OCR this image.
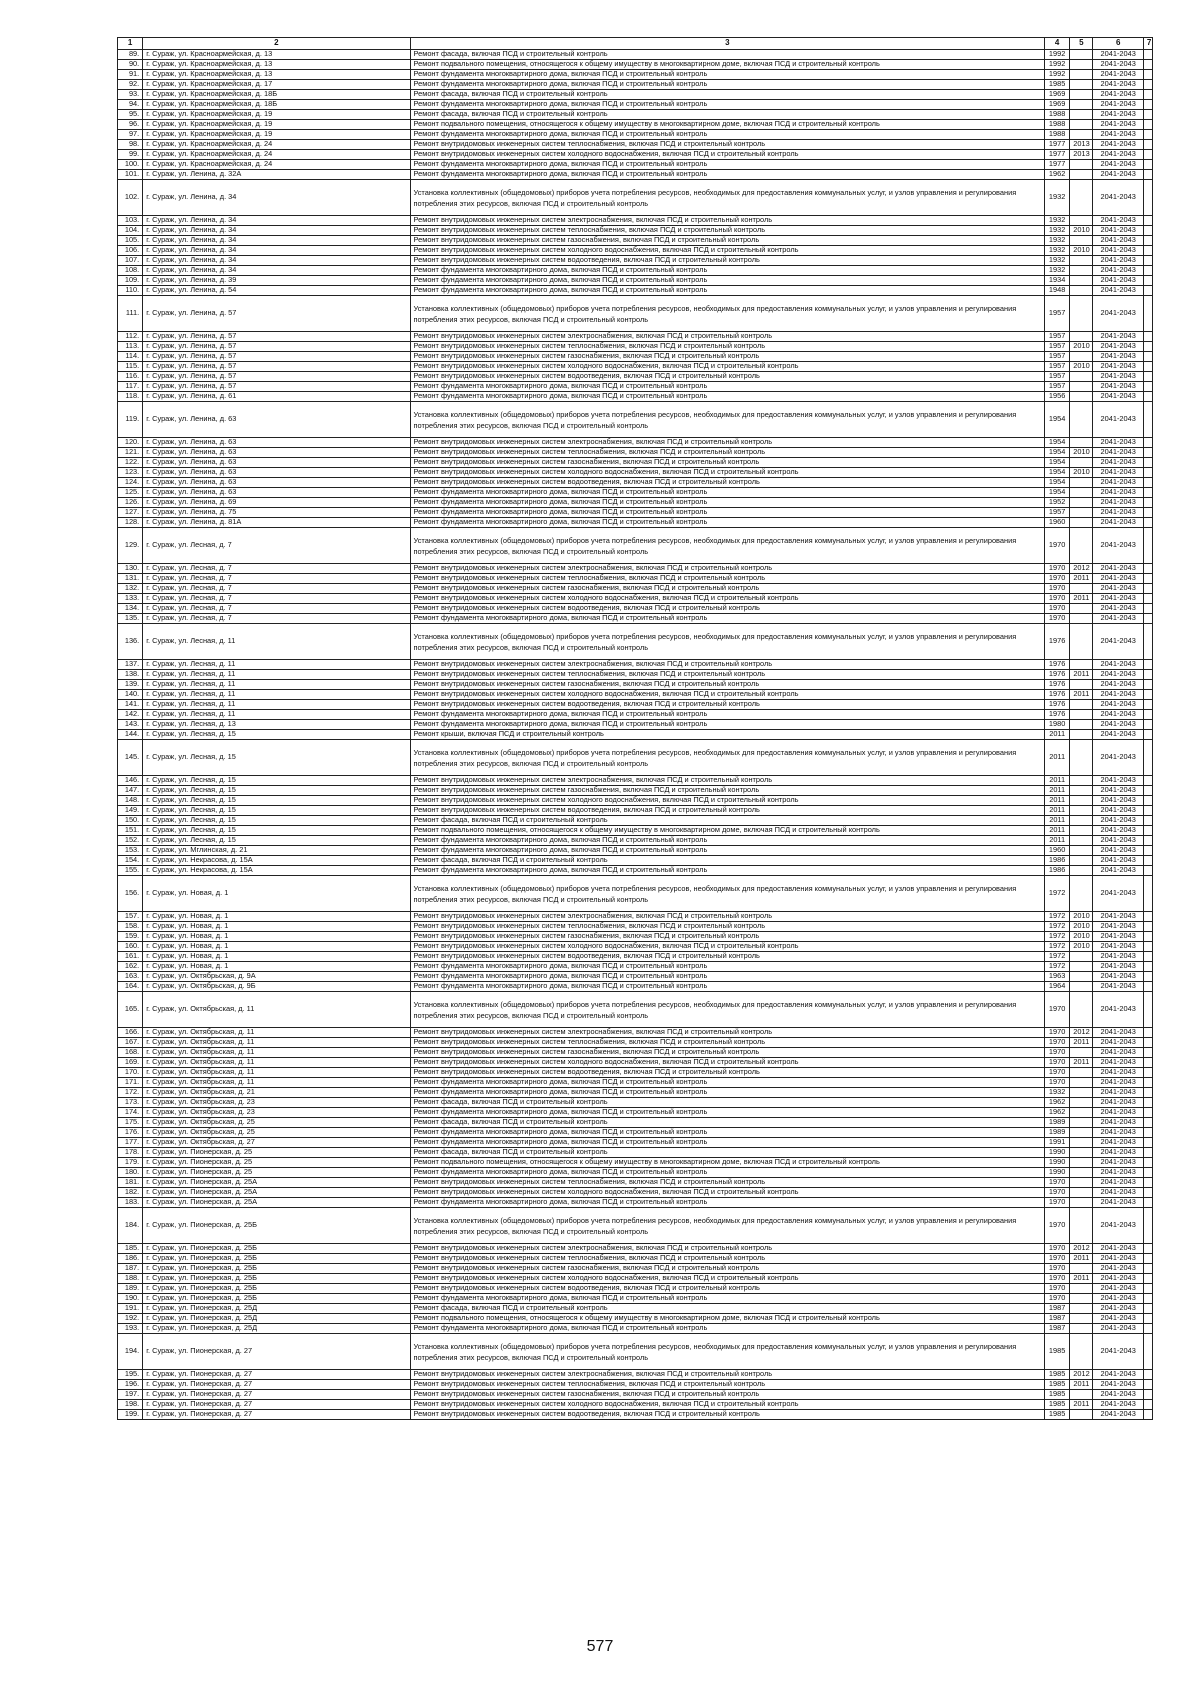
1	2	3	4	5	6	7
89.	г. Сураж, ул. Красноармейская, д. 13	Ремонт фасада, включая ПСД и строительный контроль	1992		2041-2043	
90.	г. Сураж, ул. Красноармейская, д. 13	Ремонт подвального помещения, относящегося к общему имуществу в многоквартирном доме, включая ПСД и строительный контроль	1992		2041-2043	
91.	г. Сураж, ул. Красноармейская, д. 13	Ремонт фундамента многоквартирного дома, включая ПСД и строительный контроль	1992		2041-2043	
92.	г. Сураж, ул. Красноармейская, д. 17	Ремонт фундамента многоквартирного дома, включая ПСД и строительный контроль	1985		2041-2043	
93.	г. Сураж, ул. Красноармейская, д. 18Б	Ремонт фасада, включая ПСД и строительный контроль	1969		2041-2043	
94.	г. Сураж, ул. Красноармейская, д. 18Б	Ремонт фундамента многоквартирного дома, включая ПСД и строительный контроль	1969		2041-2043	
95.	г. Сураж, ул. Красноармейская, д. 19	Ремонт фасада, включая ПСД и строительный контроль	1988		2041-2043	
96.	г. Сураж, ул. Красноармейская, д. 19	Ремонт подвального помещения, относящегося к общему имуществу в многоквартирном доме, включая ПСД и строительный контроль	1988		2041-2043	
97.	г. Сураж, ул. Красноармейская, д. 19	Ремонт фундамента многоквартирного дома, включая ПСД и строительный контроль	1988		2041-2043	
98.	г. Сураж, ул. Красноармейская, д. 24	Ремонт внутридомовых инженерных систем теплоснабжения, включая ПСД и строительный контроль	1977	2013	2041-2043	
99.	г. Сураж, ул. Красноармейская, д. 24	Ремонт внутридомовых инженерных систем холодного водоснабжения, включая ПСД и строительный контроль	1977	2013	2041-2043	
100.	г. Сураж, ул. Красноармейская, д. 24	Ремонт фундамента многоквартирного дома, включая ПСД и строительный контроль	1977		2041-2043	
101.	г. Сураж, ул. Ленина, д. 32А	Ремонт фундамента многоквартирного дома, включая ПСД и строительный контроль	1962		2041-2043	
102.	г. Сураж, ул. Ленина, д. 34	Установка коллективных (общедомовых) приборов учета потребления ресурсов, необходимых для предоставления коммунальных услуг, и узлов управления и регулирования потребления этих ресурсов, включая ПСД и строительный контроль	1932		2041-2043	
103.	г. Сураж, ул. Ленина, д. 34	Ремонт внутридомовых инженерных систем электроснабжения, включая ПСД и строительный контроль	1932		2041-2043	
104.	г. Сураж, ул. Ленина, д. 34	Ремонт внутридомовых инженерных систем теплоснабжения, включая ПСД и строительный контроль	1932	2010	2041-2043	
105.	г. Сураж, ул. Ленина, д. 34	Ремонт внутридомовых инженерных систем газоснабжения, включая ПСД и строительный контроль	1932		2041-2043	
106.	г. Сураж, ул. Ленина, д. 34	Ремонт внутридомовых инженерных систем холодного водоснабжения, включая ПСД и строительный контроль	1932	2010	2041-2043	
107.	г. Сураж, ул. Ленина, д. 34	Ремонт внутридомовых инженерных систем водоотведения, включая ПСД и строительный контроль	1932		2041-2043	
108.	г. Сураж, ул. Ленина, д. 34	Ремонт фундамента многоквартирного дома, включая ПСД и строительный контроль	1932		2041-2043	
109.	г. Сураж, ул. Ленина, д. 39	Ремонт фундамента многоквартирного дома, включая ПСД и строительный контроль	1934		2041-2043	
110.	г. Сураж, ул. Ленина, д. 54	Ремонт фундамента многоквартирного дома, включая ПСД и строительный контроль	1948		2041-2043	
111.	г. Сураж, ул. Ленина, д. 57	Установка коллективных (общедомовых) приборов учета потребления ресурсов, необходимых для предоставления коммунальных услуг, и узлов управления и регулирования потребления этих ресурсов, включая ПСД и строительный контроль	1957		2041-2043	
112.	г. Сураж, ул. Ленина, д. 57	Ремонт внутридомовых инженерных систем электроснабжения, включая ПСД и строительный контроль	1957		2041-2043	
113.	г. Сураж, ул. Ленина, д. 57	Ремонт внутридомовых инженерных систем теплоснабжения, включая ПСД и строительный контроль	1957	2010	2041-2043	
114.	г. Сураж, ул. Ленина, д. 57	Ремонт внутридомовых инженерных систем газоснабжения, включая ПСД и строительный контроль	1957		2041-2043	
115.	г. Сураж, ул. Ленина, д. 57	Ремонт внутридомовых инженерных систем холодного водоснабжения, включая ПСД и строительный контроль	1957	2010	2041-2043	
116.	г. Сураж, ул. Ленина, д. 57	Ремонт внутридомовых инженерных систем водоотведения, включая ПСД и строительный контроль	1957		2041-2043	
117.	г. Сураж, ул. Ленина, д. 57	Ремонт фундамента многоквартирного дома, включая ПСД и строительный контроль	1957		2041-2043	
118.	г. Сураж, ул. Ленина, д. 61	Ремонт фундамента многоквартирного дома, включая ПСД и строительный контроль	1956		2041-2043	
119.	г. Сураж, ул. Ленина, д. 63	Установка коллективных (общедомовых) приборов учета потребления ресурсов, необходимых для предоставления коммунальных услуг, и узлов управления и регулирования потребления этих ресурсов, включая ПСД и строительный контроль	1954		2041-2043	
120.	г. Сураж, ул. Ленина, д. 63	Ремонт внутридомовых инженерных систем электроснабжения, включая ПСД и строительный контроль	1954		2041-2043	
121.	г. Сураж, ул. Ленина, д. 63	Ремонт внутридомовых инженерных систем теплоснабжения, включая ПСД и строительный контроль	1954	2010	2041-2043	
122.	г. Сураж, ул. Ленина, д. 63	Ремонт внутридомовых инженерных систем газоснабжения, включая ПСД и строительный контроль	1954		2041-2043	
123.	г. Сураж, ул. Ленина, д. 63	Ремонт внутридомовых инженерных систем холодного водоснабжения, включая ПСД и строительный контроль	1954	2010	2041-2043	
124.	г. Сураж, ул. Ленина, д. 63	Ремонт внутридомовых инженерных систем водоотведения, включая ПСД и строительный контроль	1954		2041-2043	
125.	г. Сураж, ул. Ленина, д. 63	Ремонт фундамента многоквартирного дома, включая ПСД и строительный контроль	1954		2041-2043	
126.	г. Сураж, ул. Ленина, д. 69	Ремонт фундамента многоквартирного дома, включая ПСД и строительный контроль	1952		2041-2043	
127.	г. Сураж, ул. Ленина, д. 75	Ремонт фундамента многоквартирного дома, включая ПСД и строительный контроль	1957		2041-2043	
128.	г. Сураж, ул. Ленина, д. 81А	Ремонт фундамента многоквартирного дома, включая ПСД и строительный контроль	1960		2041-2043	
129.	г. Сураж, ул. Лесная, д. 7	Установка коллективных (общедомовых) приборов учета потребления ресурсов, необходимых для предоставления коммунальных услуг, и узлов управления и регулирования потребления этих ресурсов, включая ПСД и строительный контроль	1970		2041-2043	
130.	г. Сураж, ул. Лесная, д. 7	Ремонт внутридомовых инженерных систем электроснабжения, включая ПСД и строительный контроль	1970	2012	2041-2043	
131.	г. Сураж, ул. Лесная, д. 7	Ремонт внутридомовых инженерных систем теплоснабжения, включая ПСД и строительный контроль	1970	2011	2041-2043	
132.	г. Сураж, ул. Лесная, д. 7	Ремонт внутридомовых инженерных систем газоснабжения, включая ПСД и строительный контроль	1970		2041-2043	
133.	г. Сураж, ул. Лесная, д. 7	Ремонт внутридомовых инженерных систем холодного водоснабжения, включая ПСД и строительный контроль	1970	2011	2041-2043	
134.	г. Сураж, ул. Лесная, д. 7	Ремонт внутридомовых инженерных систем водоотведения, включая ПСД и строительный контроль	1970		2041-2043	
135.	г. Сураж, ул. Лесная, д. 7	Ремонт фундамента многоквартирного дома, включая ПСД и строительный контроль	1970		2041-2043	
136.	г. Сураж, ул. Лесная, д. 11	Установка коллективных (общедомовых) приборов учета потребления ресурсов, необходимых для предоставления коммунальных услуг, и узлов управления и регулирования потребления этих ресурсов, включая ПСД и строительный контроль	1976		2041-2043	
137.	г. Сураж, ул. Лесная, д. 11	Ремонт внутридомовых инженерных систем электроснабжения, включая ПСД и строительный контроль	1976		2041-2043	
138.	г. Сураж, ул. Лесная, д. 11	Ремонт внутридомовых инженерных систем теплоснабжения, включая ПСД и строительный контроль	1976	2011	2041-2043	
139.	г. Сураж, ул. Лесная, д. 11	Ремонт внутридомовых инженерных систем газоснабжения, включая ПСД и строительный контроль	1976		2041-2043	
140.	г. Сураж, ул. Лесная, д. 11	Ремонт внутридомовых инженерных систем холодного водоснабжения, включая ПСД и строительный контроль	1976	2011	2041-2043	
141.	г. Сураж, ул. Лесная, д. 11	Ремонт внутридомовых инженерных систем водоотведения, включая ПСД и строительный контроль	1976		2041-2043	
142.	г. Сураж, ул. Лесная, д. 11	Ремонт фундамента многоквартирного дома, включая ПСД и строительный контроль	1976		2041-2043	
143.	г. Сураж, ул. Лесная, д. 13	Ремонт фундамента многоквартирного дома, включая ПСД и строительный контроль	1980		2041-2043	
144.	г. Сураж, ул. Лесная, д. 15	Ремонт крыши, включая ПСД и строительный контроль	2011		2041-2043	
145.	г. Сураж, ул. Лесная, д. 15	Установка коллективных (общедомовых) приборов учета потребления ресурсов, необходимых для предоставления коммунальных услуг, и узлов управления и регулирования потребления этих ресурсов, включая ПСД и строительный контроль	2011		2041-2043	
146.	г. Сураж, ул. Лесная, д. 15	Ремонт внутридомовых инженерных систем электроснабжения, включая ПСД и строительный контроль	2011		2041-2043	
147.	г. Сураж, ул. Лесная, д. 15	Ремонт внутридомовых инженерных систем газоснабжения, включая ПСД и строительный контроль	2011		2041-2043	
148.	г. Сураж, ул. Лесная, д. 15	Ремонт внутридомовых инженерных систем холодного водоснабжения, включая ПСД и строительный контроль	2011		2041-2043	
149.	г. Сураж, ул. Лесная, д. 15	Ремонт внутридомовых инженерных систем водоотведения, включая ПСД и строительный контроль	2011		2041-2043	
150.	г. Сураж, ул. Лесная, д. 15	Ремонт фасада, включая ПСД и строительный контроль	2011		2041-2043	
151.	г. Сураж, ул. Лесная, д. 15	Ремонт подвального помещения, относящегося к общему имуществу в многоквартирном доме, включая ПСД и строительный контроль	2011		2041-2043	
152.	г. Сураж, ул. Лесная, д. 15	Ремонт фундамента многоквартирного дома, включая ПСД и строительный контроль	2011		2041-2043	
153.	г. Сураж, ул. Мглинская, д. 21	Ремонт фундамента многоквартирного дома, включая ПСД и строительный контроль	1960		2041-2043	
154.	г. Сураж, ул. Некрасова, д. 15А	Ремонт фасада, включая ПСД и строительный контроль	1986		2041-2043	
155.	г. Сураж, ул. Некрасова, д. 15А	Ремонт фундамента многоквартирного дома, включая ПСД и строительный контроль	1986		2041-2043	
156.	г. Сураж, ул. Новая, д. 1	Установка коллективных (общедомовых) приборов учета потребления ресурсов, необходимых для предоставления коммунальных услуг, и узлов управления и регулирования потребления этих ресурсов, включая ПСД и строительный контроль	1972		2041-2043	
157.	г. Сураж, ул. Новая, д. 1	Ремонт внутридомовых инженерных систем электроснабжения, включая ПСД и строительный контроль	1972	2010	2041-2043	
158.	г. Сураж, ул. Новая, д. 1	Ремонт внутридомовых инженерных систем теплоснабжения, включая ПСД и строительный контроль	1972	2010	2041-2043	
159.	г. Сураж, ул. Новая, д. 1	Ремонт внутридомовых инженерных систем газоснабжения, включая ПСД и строительный контроль	1972	2010	2041-2043	
160.	г. Сураж, ул. Новая, д. 1	Ремонт внутридомовых инженерных систем холодного водоснабжения, включая ПСД и строительный контроль	1972	2010	2041-2043	
161.	г. Сураж, ул. Новая, д. 1	Ремонт внутридомовых инженерных систем водоотведения, включая ПСД и строительный контроль	1972		2041-2043	
162.	г. Сураж, ул. Новая, д. 1	Ремонт фундамента многоквартирного дома, включая ПСД и строительный контроль	1972		2041-2043	
163.	г. Сураж, ул. Октябрьская, д. 9А	Ремонт фундамента многоквартирного дома, включая ПСД и строительный контроль	1963		2041-2043	
164.	г. Сураж, ул. Октябрьская, д. 9Б	Ремонт фундамента многоквартирного дома, включая ПСД и строительный контроль	1964		2041-2043	
165.	г. Сураж, ул. Октябрьская, д. 11	Установка коллективных (общедомовых) приборов учета потребления ресурсов, необходимых для предоставления коммунальных услуг, и узлов управления и регулирования потребления этих ресурсов, включая ПСД и строительный контроль	1970		2041-2043	
166.	г. Сураж, ул. Октябрьская, д. 11	Ремонт внутридомовых инженерных систем электроснабжения, включая ПСД и строительный контроль	1970	2012	2041-2043	
167.	г. Сураж, ул. Октябрьская, д. 11	Ремонт внутридомовых инженерных систем теплоснабжения, включая ПСД и строительный контроль	1970	2011	2041-2043	
168.	г. Сураж, ул. Октябрьская, д. 11	Ремонт внутридомовых инженерных систем газоснабжения, включая ПСД и строительный контроль	1970		2041-2043	
169.	г. Сураж, ул. Октябрьская, д. 11	Ремонт внутридомовых инженерных систем холодного водоснабжения, включая ПСД и строительный контроль	1970	2011	2041-2043	
170.	г. Сураж, ул. Октябрьская, д. 11	Ремонт внутридомовых инженерных систем водоотведения, включая ПСД и строительный контроль	1970		2041-2043	
171.	г. Сураж, ул. Октябрьская, д. 11	Ремонт фундамента многоквартирного дома, включая ПСД и строительный контроль	1970		2041-2043	
172.	г. Сураж, ул. Октябрьская, д. 21	Ремонт фундамента многоквартирного дома, включая ПСД и строительный контроль	1932		2041-2043	
173.	г. Сураж, ул. Октябрьская, д. 23	Ремонт фасада, включая ПСД и строительный контроль	1962		2041-2043	
174.	г. Сураж, ул. Октябрьская, д. 23	Ремонт фундамента многоквартирного дома, включая ПСД и строительный контроль	1962		2041-2043	
175.	г. Сураж, ул. Октябрьская, д. 25	Ремонт фасада, включая ПСД и строительный контроль	1989		2041-2043	
176.	г. Сураж, ул. Октябрьская, д. 25	Ремонт фундамента многоквартирного дома, включая ПСД и строительный контроль	1989		2041-2043	
177.	г. Сураж, ул. Октябрьская, д. 27	Ремонт фундамента многоквартирного дома, включая ПСД и строительный контроль	1991		2041-2043	
178.	г. Сураж, ул. Пионерская, д. 25	Ремонт фасада, включая ПСД и строительный контроль	1990		2041-2043	
179.	г. Сураж, ул. Пионерская, д. 25	Ремонт подвального помещения, относящегося к общему имуществу в многоквартирном доме, включая ПСД и строительный контроль	1990		2041-2043	
180.	г. Сураж, ул. Пионерская, д. 25	Ремонт фундамента многоквартирного дома, включая ПСД и строительный контроль	1990		2041-2043	
181.	г. Сураж, ул. Пионерская, д. 25А	Ремонт внутридомовых инженерных систем теплоснабжения, включая ПСД и строительный контроль	1970		2041-2043	
182.	г. Сураж, ул. Пионерская, д. 25А	Ремонт внутридомовых инженерных систем холодного водоснабжения, включая ПСД и строительный контроль	1970		2041-2043	
183.	г. Сураж, ул. Пионерская, д. 25А	Ремонт фундамента многоквартирного дома, включая ПСД и строительный контроль	1970		2041-2043	
184.	г. Сураж, ул. Пионерская, д. 25Б	Установка коллективных (общедомовых) приборов учета потребления ресурсов, необходимых для предоставления коммунальных услуг, и узлов управления и регулирования потребления этих ресурсов, включая ПСД и строительный контроль	1970		2041-2043	
185.	г. Сураж, ул. Пионерская, д. 25Б	Ремонт внутридомовых инженерных систем электроснабжения, включая ПСД и строительный контроль	1970	2012	2041-2043	
186.	г. Сураж, ул. Пионерская, д. 25Б	Ремонт внутридомовых инженерных систем теплоснабжения, включая ПСД и строительный контроль	1970	2011	2041-2043	
187.	г. Сураж, ул. Пионерская, д. 25Б	Ремонт внутридомовых инженерных систем газоснабжения, включая ПСД и строительный контроль	1970		2041-2043	
188.	г. Сураж, ул. Пионерская, д. 25Б	Ремонт внутридомовых инженерных систем холодного водоснабжения, включая ПСД и строительный контроль	1970	2011	2041-2043	
189.	г. Сураж, ул. Пионерская, д. 25Б	Ремонт внутридомовых инженерных систем водоотведения, включая ПСД и строительный контроль	1970		2041-2043	
190.	г. Сураж, ул. Пионерская, д. 25Б	Ремонт фундамента многоквартирного дома, включая ПСД и строительный контроль	1970		2041-2043	
191.	г. Сураж, ул. Пионерская, д. 25Д	Ремонт фасада, включая ПСД и строительный контроль	1987		2041-2043	
192.	г. Сураж, ул. Пионерская, д. 25Д	Ремонт подвального помещения, относящегося к общему имуществу в многоквартирном доме, включая ПСД и строительный контроль	1987		2041-2043	
193.	г. Сураж, ул. Пионерская, д. 25Д	Ремонт фундамента многоквартирного дома, включая ПСД и строительный контроль	1987		2041-2043	
194.	г. Сураж, ул. Пионерская, д. 27	Установка коллективных (общедомовых) приборов учета потребления ресурсов, необходимых для предоставления коммунальных услуг, и узлов управления и регулирования потребления этих ресурсов, включая ПСД и строительный контроль	1985		2041-2043	
195.	г. Сураж, ул. Пионерская, д. 27	Ремонт внутридомовых инженерных систем электроснабжения, включая ПСД и строительный контроль	1985	2012	2041-2043	
196.	г. Сураж, ул. Пионерская, д. 27	Ремонт внутридомовых инженерных систем теплоснабжения, включая ПСД и строительный контроль	1985	2011	2041-2043	
197.	г. Сураж, ул. Пионерская, д. 27	Ремонт внутридомовых инженерных систем газоснабжения, включая ПСД и строительный контроль	1985		2041-2043	
198.	г. Сураж, ул. Пионерская, д. 27	Ремонт внутридомовых инженерных систем холодного водоснабжения, включая ПСД и строительный контроль	1985	2011	2041-2043	
199.	г. Сураж, ул. Пионерская, д. 27	Ремонт внутридомовых инженерных систем водоотведения, включая ПСД и строительный контроль	1985		2041-2043	
577
